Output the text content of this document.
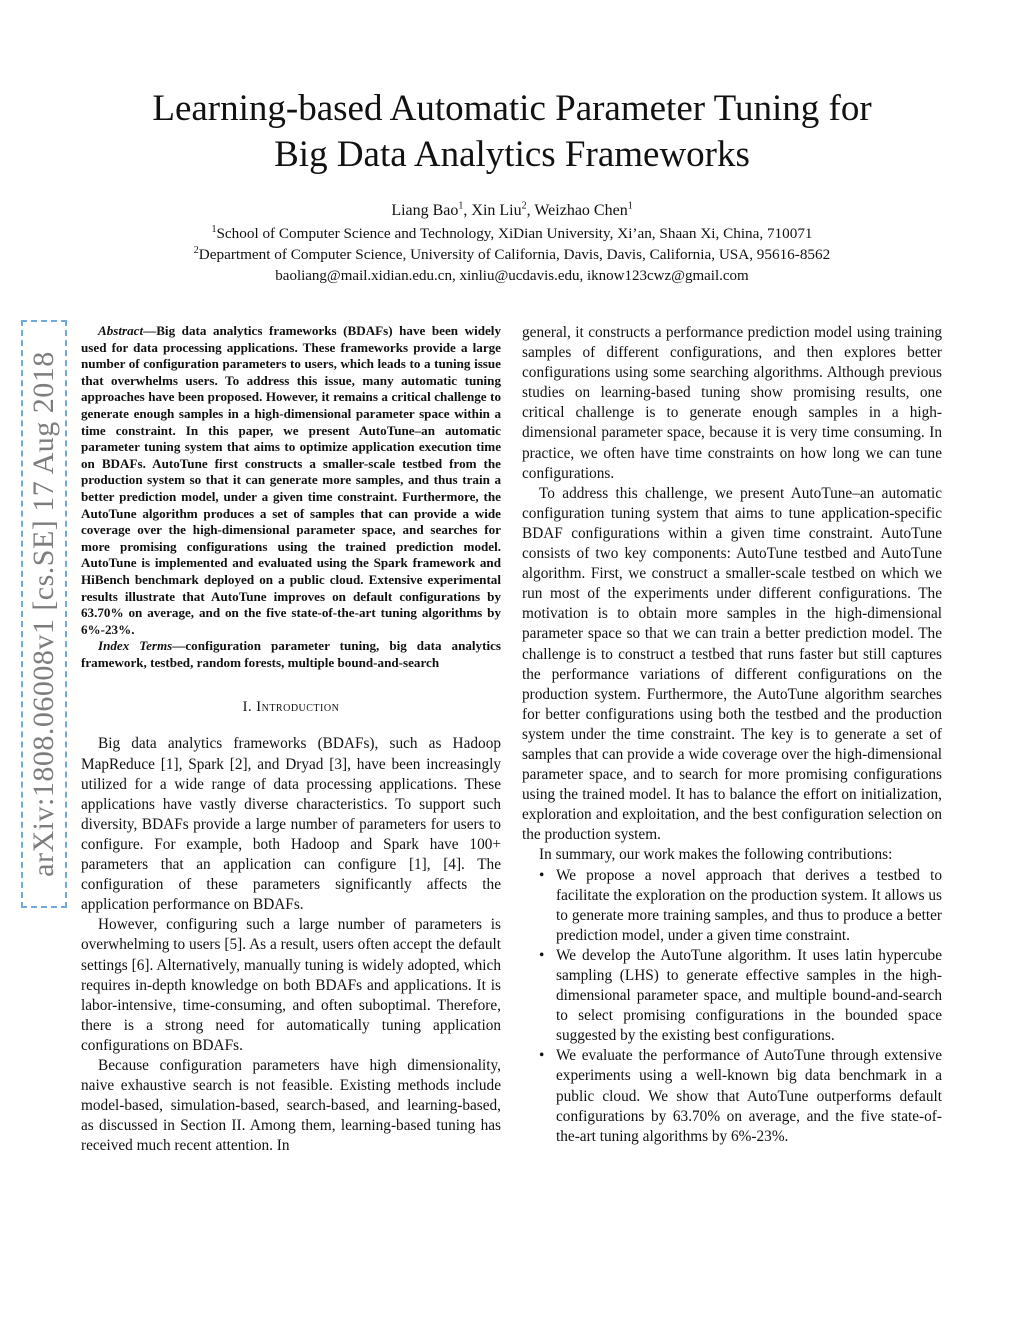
Learning-based Automatic Parameter Tuning for
Big Data Analytics Frameworks
Liang Bao$^1$, Xin Liu$^2$, Weizhao Chen$^1$
$^1$School of Computer Science and Technology, XiDian University, Xi’an, Shaan Xi, China, 710071
$^2$Department of Computer Science, University of California, Davis, Davis, California, USA, 95616-8562
baoliang@mail.xidian.edu.cn, xinliu@ucdavis.edu, iknow123cwz@gmail.com
arXiv:1808.06008v1 [cs.SE] 17 Aug 2018

Abstract—Big data analytics frameworks (BDAFs) have been widely used for data processing applications. These frameworks provide a large number of configuration parameters to users, which leads to a tuning issue that overwhelms users. To address this issue, many automatic tuning approaches have been proposed. However, it remains a critical challenge to generate enough samples in a high-dimensional parameter space within a time constraint. In this paper, we present AutoTune–an automatic parameter tuning system that aims to optimize application execution time on BDAFs. AutoTune first constructs a smaller-scale testbed from the production system so that it can generate more samples, and thus train a better prediction model, under a given time constraint. Furthermore, the AutoTune algorithm produces a set of samples that can provide a wide coverage over the high-dimensional parameter space, and searches for more promising configurations using the trained prediction model. AutoTune is implemented and evaluated using the Spark framework and HiBench benchmark deployed on a public cloud. Extensive experimental results illustrate that AutoTune improves on default configurations by 63.70% on average, and on the five state-of-the-art tuning algorithms by 6%-23%.

Index Terms—configuration parameter tuning, big data analytics framework, testbed, random forests, multiple bound-and-search

I. Introduction

Big data analytics frameworks (BDAFs), such as Hadoop MapReduce [1], Spark [2], and Dryad [3], have been increasingly utilized for a wide range of data processing applications. These applications have vastly diverse characteristics. To support such diversity, BDAFs provide a large number of parameters for users to configure. For example, both Hadoop and Spark have 100+ parameters that an application can configure [1], [4]. The configuration of these parameters significantly affects the application performance on BDAFs.

However, configuring such a large number of parameters is overwhelming to users [5]. As a result, users often accept the default settings [6]. Alternatively, manually tuning is widely adopted, which requires in-depth knowledge on both BDAFs and applications. It is labor-intensive, time-consuming, and often suboptimal. Therefore, there is a strong need for automatically tuning application configurations on BDAFs.

Because configuration parameters have high dimensionality, naive exhaustive search is not feasible. Existing methods include model-based, simulation-based, search-based, and learning-based, as discussed in Section II. Among them, learning-based tuning has received much recent attention. In

general, it constructs a performance prediction model using training samples of different configurations, and then explores better configurations using some searching algorithms. Although previous studies on learning-based tuning show promising results, one critical challenge is to generate enough samples in a high-dimensional parameter space, because it is very time consuming. In practice, we often have time constraints on how long we can tune configurations.

To address this challenge, we present AutoTune–an automatic configuration tuning system that aims to tune application-specific BDAF configurations within a given time constraint. AutoTune consists of two key components: AutoTune testbed and AutoTune algorithm. First, we construct a smaller-scale testbed on which we run most of the experiments under different configurations. The motivation is to obtain more samples in the high-dimensional parameter space so that we can train a better prediction model. The challenge is to construct a testbed that runs faster but still captures the performance variations of different configurations on the production system. Furthermore, the AutoTune algorithm searches for better configurations using both the testbed and the production system under the time constraint. The key is to generate a set of samples that can provide a wide coverage over the high-dimensional parameter space, and to search for more promising configurations using the trained model. It has to balance the effort on initialization, exploration and exploitation, and the best configuration selection on the production system.

In summary, our work makes the following contributions:

• We propose a novel approach that derives a testbed to facilitate the exploration on the production system. It allows us to generate more training samples, and thus to produce a better prediction model, under a given time constraint.
• We develop the AutoTune algorithm. It uses latin hypercube sampling (LHS) to generate effective samples in the high-dimensional parameter space, and multiple bound-and-search to select promising configurations in the bounded space suggested by the existing best configurations.
• We evaluate the performance of AutoTune through extensive experiments using a well-known big data benchmark in a public cloud. We show that AutoTune outperforms default configurations by 63.70% on average, and the five state-of-the-art tuning algorithms by 6%-23%.
